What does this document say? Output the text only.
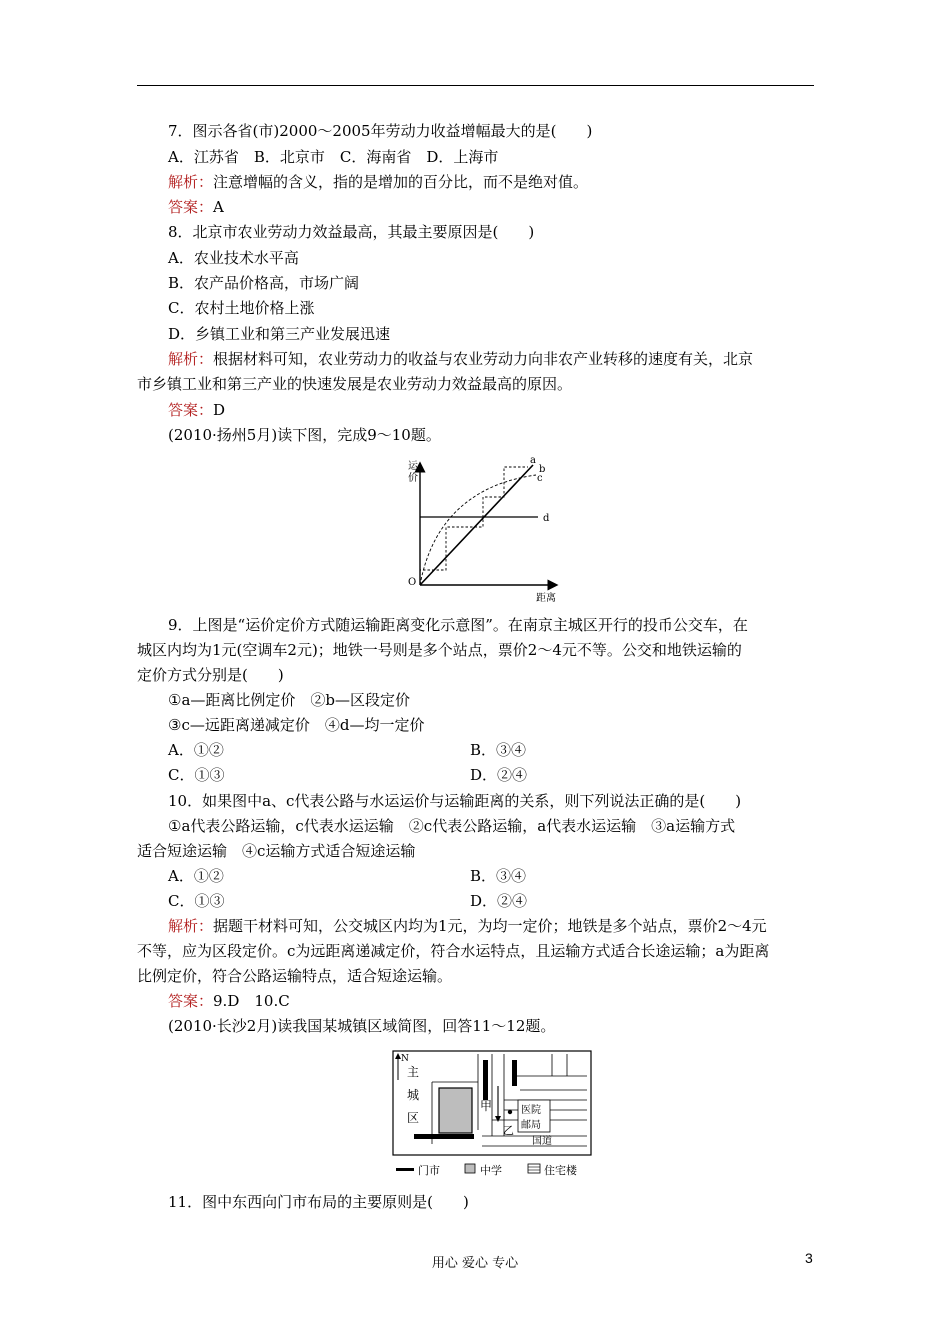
7．图示各省(市)2000～2005年劳动力收益增幅最大的是(　　)
A．江苏省　B．北京市　C．海南省　D．上海市
解析：注意增幅的含义，指的是增加的百分比，而不是绝对值。
答案：A
8．北京市农业劳动力效益最高，其最主要原因是(　　)
A．农业技术水平高
B．农产品价格高，市场广阔
C．农村土地价格上涨
D．乡镇工业和第三产业发展迅速
解析：根据材料可知，农业劳动力的收益与农业劳动力向非农产业转移的速度有关，北京
市乡镇工业和第三产业的快速发展是农业劳动力效益最高的原因。
答案：D
(2010·扬州5月)读下图，完成9～10题。
运
价
距离
O
a
b
c
d
9．上图是“运价定价方式随运输距离变化示意图”。在南京主城区开行的投币公交车，在
城区内均为1元(空调车2元)；地铁一号则是多个站点，票价2～4元不等。公交和地铁运输的
定价方式分别是(　　)
①a—距离比例定价　②b—区段定价
③c—远距离递减定价　④d—均一定价
A．①②	B．③④
C．①③	D．②④
10．如果图中a、c代表公路与水运运价与运输距离的关系，则下列说法正确的是(　　)
①a代表公路运输，c代表水运运输　②c代表公路运输，a代表水运运输　③a运输方式
适合短途运输　④c运输方式适合短途运输
A．①②	B．③④
C．①③	D．②④
解析：据题干材料可知，公交城区内均为1元，为均一定价；地铁是多个站点，票价2～4元
不等，应为区段定价。c为远距离递减定价，符合水运特点，且运输方式适合长途运输；a为距离
比例定价，符合公路运输特点，适合短途运输。
答案：9.D　10.C
(2010·长沙2月)读我国某城镇区域简图，回答11～12题。
N
主
城
区
甲
乙
医院
邮局
国道
门市	中学	住宅楼
11．图中东西向门市布局的主要原则是(　　)
用心 爱心 专心	3
